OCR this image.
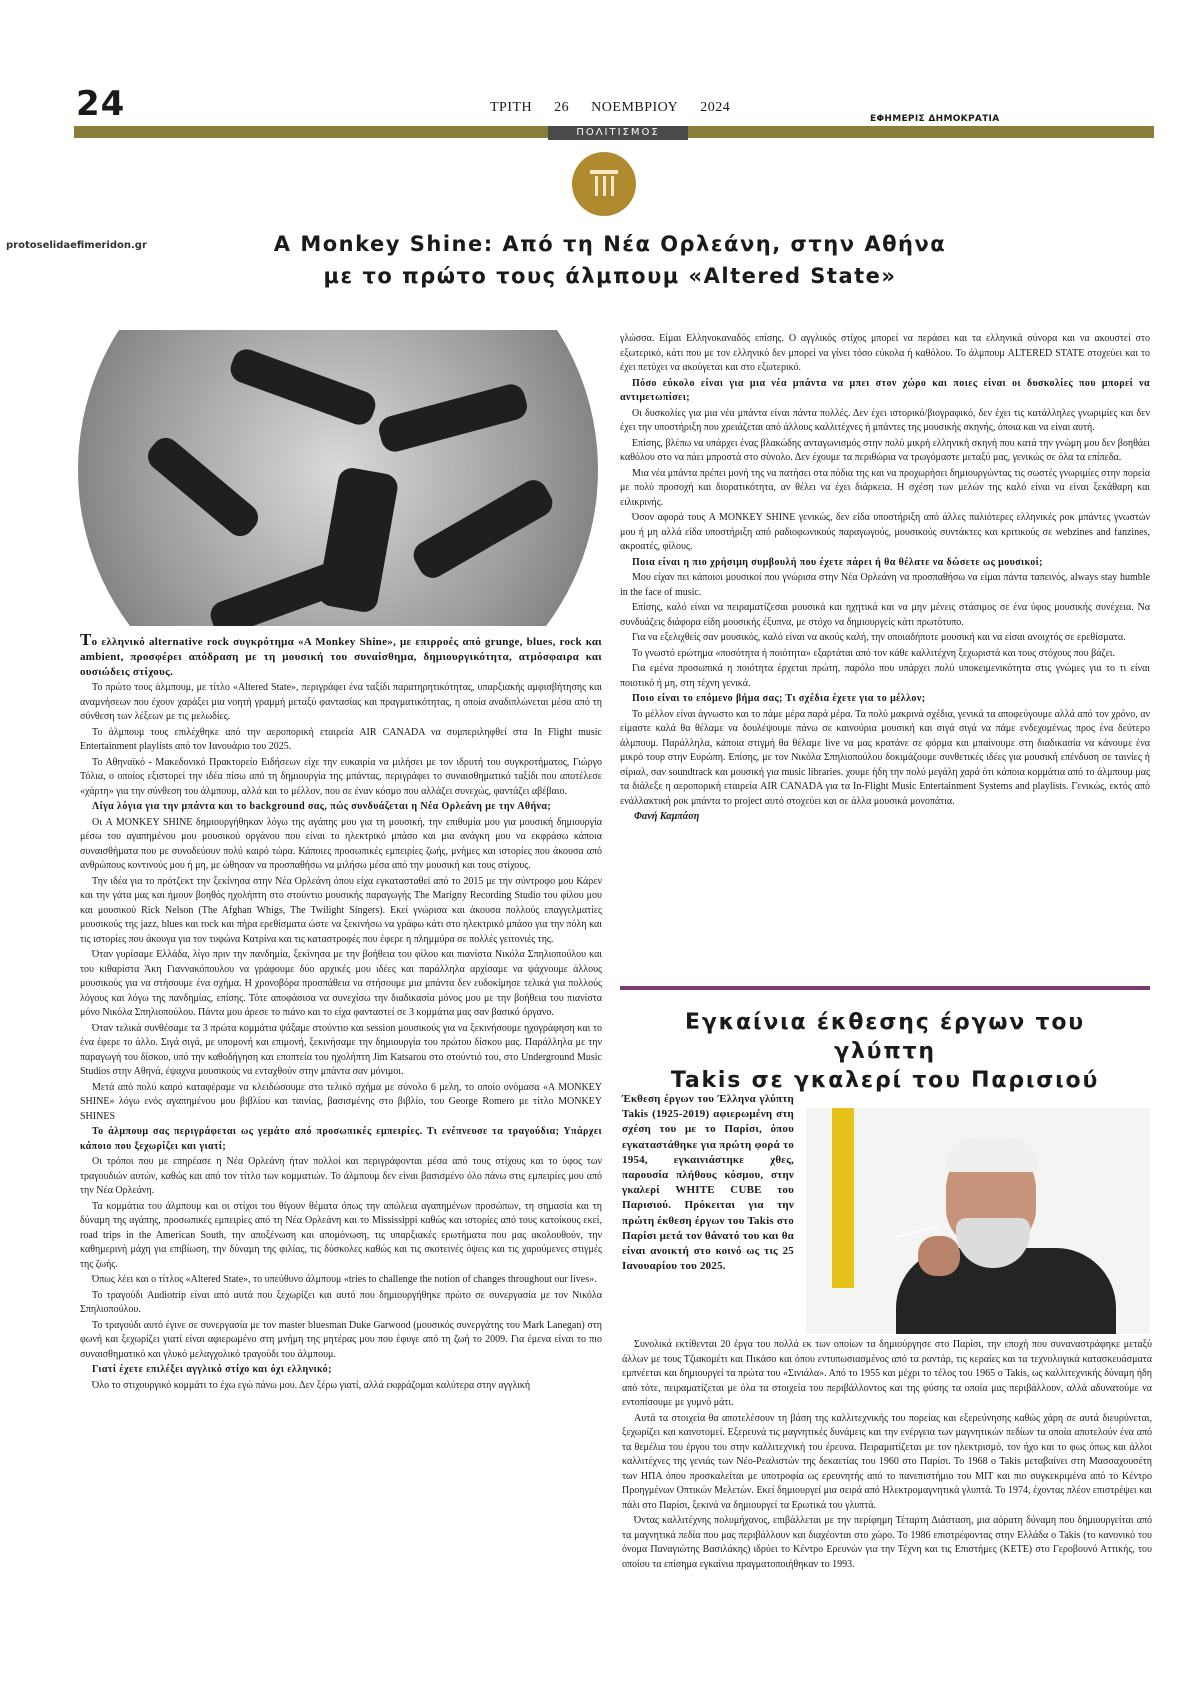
24	ΤΡΙΤΗ 26 ΝΟΕΜΒΡΙΟΥ 2024
ΕΦΗΜΕΡΙΣ ΔΗΜΟΚΡΑΤΙΑ
ΠΟΛΙΤΙΣΜΟΣ
protoselidaefimeridon.gr	A Monkey Shine: Από τη Νέα Ορλεάνη, στην Αθήνα
με το πρώτο τους άλμπουμ «Altered State»

Το ελληνικό alternative rock συγκρότημα «A Monkey Shine», με επιρροές από grunge, blues, rock και ambient, προσφέρει απόδραση με τη μουσική του συναίσθημα, δημιουργικότητα, ατμόσφαιρα και ουσιώδεις στίχους.

Το πρώτο τους άλμπουμ, με τίτλο «Altered State», περιγράφει ένα ταξίδι παρατηρητικότητας, υπαρξιακής αμφισβήτησης και αναμνήσεων που έχουν χαράξει μια νοητή γραμμή μεταξύ φαντασίας και πραγματικότητας, η οποία αναδιπλώνεται μέσα από τη σύνθεση των λέξεων με τις μελωδίες.

Το άλμπουμ τους επιλέχθηκε από την αεροπορική εταιρεία AIR CANADA να συμπεριληφθεί στα In Flight music Entertainment playlists από τον Ιανουάριο του 2025.

Το Αθηναϊκό - Μακεδονικό Πρακτορείο Ειδήσεων είχε την ευκαιρία να μιλήσει με τον ιδρυτή του συγκροτήματος, Γιώργο Τόλια, ο οποίος εξιστορεί την ιδέα πίσω από τη δημιουργία της μπάντας, περιγράφει το συναισθηματικό ταξίδι που αποτέλεσε «χάρτη» για την σύνθεση του άλμπουμ, αλλά και το μέλλον, που σε έναν κόσμο που αλλάζει συνεχώς, φαντάζει αβέβαιο.

Λίγα λόγια για την μπάντα και το background σας, πώς συνδυάζεται η Νέα Ορλεάνη με την Αθήνα;

Οι A MONKEY SHINE δημιουργήθηκαν λόγω της αγάπης μου για τη μουσική, την επιθυμία μου για μουσική δημιουργία μέσω του αγαπημένου μου μουσικού οργάνου που είναι το ηλεκτρικό μπάσο και μια ανάγκη μου να εκφράσω κάποια συναισθήματα που με συνοδεύουν πολύ καιρό τώρα. Κάποιες προσωπικές εμπειρίες ζωής, μνήμες και ιστορίες που άκουσα από ανθρώπους κοντινούς μου ή μη, με ώθησαν να προσπαθήσω να μιλήσω μέσα από την μουσική και τους στίχους.

Την ιδέα για το πρότζεκτ την ξεκίνησα στην Νέα Ορλεάνη όπου είχα εγκατασταθεί από το 2015 με την σύντροφο μου Κάρεν και την γάτα μας και ήμουν βοηθός ηχολήπτη στο στούντιο μουσικής παραγωγής The Marigny Recording Studio του φίλου μου και μουσικού Rick Nelson (The Afghan Whigs, The Twilight Singers). Εκεί γνώρισα και άκουσα πολλούς επαγγελματίες μουσικούς της jazz, blues και rock και πήρα ερεθίσματα ώστε να ξεκινήσω να γράφω κάτι στο ηλεκτρικό μπάσο για την πόλη και τις ιστορίες που άκουγα για τον τυφώνα Κατρίνα και τις καταστροφές που έφερε η πλημμύρα σε πολλές γειτονιές της.

Όταν γυρίσαμε Ελλάδα, λίγο πριν την πανδημία, ξεκίνησα με την βοήθεια του φίλου και πιανίστα Νικόλα Σπηλιοπούλου και του κιθαρίστα Άκη Γιαννακόπουλου να γράφουμε δύο αρχικές μου ιδέες και παράλληλα αρχίσαμε να ψάχνουμε άλλους μουσικούς για να στήσουμε ένα σχήμα. Η χρονοβόρα προσπάθεια να στήσουμε μια μπάντα δεν ευδοκίμησε τελικά για πολλούς λόγους και λόγω της πανδημίας, επίσης. Τότε αποφάσισα να συνεχίσω την διαδικασία μόνος μου με την βοήθεια του πιανίστα μόνο Νικόλα Σπηλιοπούλου. Πάντα μου άρεσε το πιάνο και το είχα φανταστεί σε 3 κομμάτια μας σαν βασικό όργανο.

Όταν τελικά συνθέσαμε τα 3 πρώτα κομμάτια ψάξαμε στούντιο και session μουσικούς για να ξεκινήσουμε ηχογράφηση και το ένα έφερε το άλλο. Σιγά σιγά, με υπομονή και επιμονή, ξεκινήσαμε την δημιουργία του πρώτου δίσκου μας. Παράλληλα με την παραγωγή του δίσκου, υπό την καθοδήγηση και εποπτεία του ηχολήπτη Jim Katsarou στο στούντιό του, στο Underground Music Studios στην Αθηνά, έψαχνα μουσικούς να ενταχθούν στην μπάντα σαν μόνιμοι.

Μετά από πολύ καιρό καταφέραμε να κλειδώσουμε στο τελικό σχήμα με σύνολο 6 μελη, το οποίο ονόμασα «A MONKEY SHINE» λόγω ενός αγαπημένου μου βιβλίου και ταινίας, βασισμένης στο βιβλίο, του George Romero με τίτλο MONKEY SHINES

Το άλμπουμ σας περιγράφεται ως γεμάτο από προσωπικές εμπειρίες. Τι ενέπνευσε τα τραγούδια; Υπάρχει κάποιο που ξεχωρίζει και γιατί;

Οι τρόποι που με επηρέασε η Νέα Ορλεάνη ήταν πολλοί και περιγράφονται μέσα από τους στίχους και το ύφος των τραγουδιών αυτών, καθώς και από τον τίτλο των κομματιών. Το άλμπουμ δεν είναι βασισμένο όλο πάνω στις εμπειρίες μου από την Νέα Ορλεάνη.

Τα κομμάτια του άλμπουμ και οι στίχοι του θίγουν θέματα όπως την απώλεια αγαπημένων προσώπων, τη σημασία και τη δύναμη της αγάπης, προσωπικές εμπειρίες από τη Νέα Ορλεάνη και το Mississippi καθώς και ιστορίες από τους κατοίκους εκεί, road trips in the American South, την αποξένωση και απομόνωση, τις υπαρξιακές ερωτήματα που μας ακολουθούν, την καθημερινή μάχη για επιβίωση, την δύναμη της φιλίας, τις δύσκολες καθώς και τις σκοτεινές όψεις και τις χαρούμενες στιγμές της ζωής.

Όπως λέει και ο τίτλος «Altered State», το υπεύθυνο άλμπουμ «tries to challenge the notion of changes throughout our lives».

Το τραγούδι Audiotrip είναι από αυτά που ξεχωρίζει και αυτό που δημιουργήθηκε πρώτο σε συνεργασία με τον Νικόλα Σπηλιοπούλου.

Το τραγούδι αυτό έγινε σε συνεργασία με τον master bluesman Duke Garwood (μουσικός συνεργάτης του Mark Lanegan) στη φωνή και ξεχωρίζει γιατί είναι αφιερωμένο στη μνήμη της μητέρας μου που έφυγε από τη ζωή το 2009. Για έμενα είναι το πιο συναισθηματικό και γλυκό μελαγχολικό τραγούδι του άλμπουμ.

Γιατί έχετε επιλέξει αγγλικό στίχο και όχι ελληνικό;

Όλο το στιχουργικό κομμάτι το έχω εγώ πάνω μου. Δεν ξέρω γιατί, αλλά εκφράζομαι καλύτερα στην αγγλική

γλώσσα. Είμαι Ελληνοκαναδός επίσης. Ο αγγλικός στίχος μπορεί να περάσει και τα ελληνικά σύνορα και να ακουστεί στο εξωτερικό, κάτι που με τον ελληνικό δεν μπορεί να γίνει τόσο εύκολα ή καθόλου. Το άλμπουμ ALTERED STATE στοχεύει και το έχει πετύχει να ακούγεται και στο εξωτερικό.

Πόσο εύκολο είναι για μια νέα μπάντα να μπει στον χώρο και ποιες είναι οι δυσκολίες που μπορεί να αντιμετωπίσει;

Οι δυσκολίες για μια νέα μπάντα είναι πάντα πολλές. Δεν έχει ιστορικό/βιογραφικό, δεν έχει τις κατάλληλες γνωριμίες και δεν έχει την υποστήριξη που χρειάζεται από άλλους καλλιτέχνες ή μπάντες της μουσικής σκηνής, όποια και να είναι αυτή.

Επίσης, βλέπω να υπάρχει ένας βλακώδης ανταγωνισμός στην πολύ μικρή ελληνική σκηνή που κατά την γνώμη μου δεν βοηθάει καθόλου στο να πάει μπροστά στο σύνολο. Δεν έχουμε τα περιθώρια να τρωγόμαστε μεταξύ μας, γενικώς σε όλα τα επίπεδα.

Μια νέα μπάντα πρέπει μονή της να πατήσει στα πόδια της και να προχωρήσει δημιουργώντας τις σωστές γνωριμίες στην πορεία με πολύ προσοχή και διορατικότητα, αν θέλει να έχει διάρκεια. Η σχέση των μελών της καλό είναι να είναι ξεκάθαρη και ειλικρινής.

Όσον αφορά τους A MONKEY SHINE γενικώς, δεν είδα υποστήριξη από άλλες παλιότερες ελληνικές ροκ μπάντες γνωστών μου ή μη αλλά είδα υποστήριξη από ραδιοφωνικούς παραγωγούς, μουσικούς συντάκτες και κριτικούς σε webzines and fanzines, ακροατές, φίλους.

Ποια είναι η πιο χρήσιμη συμβουλή που έχετε πάρει ή θα θέλατε να δώσετε ως μουσικοί;

Μου είχαν πει κάποιοι μουσικοί που γνώρισα στην Νέα Ορλεάνη να προσπαθήσω να είμαι πάντα ταπεινός, always stay humble in the face of music.

Επίσης, καλό είναι να πειραματίζεσαι μουσικά και ηχητικά και να μην μένεις στάσιμος σε ένα ύφος μουσικής συνέχεια. Να συνδυάζεις διάφορα είδη μουσικής έξυπνα, με στόχο να δημιουργείς κάτι πρωτότυπο.

Για να εξελιχθείς σαν μουσικός, καλό είναι να ακούς καλή, την οποιαδήποτε μουσική και να είσαι ανοιχτός σε ερεθίσματα.

Το γνωστό ερώτημα «ποσότητα ή ποιότητα» εξαρτάται από τον κάθε καλλιτέχνη ξεχωριστά και τους στόχους που βάζει.

Για εμένα προσωπικά η ποιότητα έρχεται πρώτη, παρόλο που υπάρχει πολύ υποκειμενικότητα στις γνώμες για το τι είναι ποιοτικό ή μη, στη τέχνη γενικά.

Ποιο είναι το επόμενο βήμα σας; Τι σχέδια έχετε για το μέλλον;

Το μέλλον είναι άγνωστο και το πάμε μέρα παρά μέρα. Τα πολύ μακρινά σχέδια, γενικά τα αποφεύγουμε αλλά από τον χρόνο, αν είμαστε καλά θα θέλαμε να δουλέψουμε πάνω σε καινούρια μουσική και σιγά σιγά να πάμε ενδεχομένως προς ένα δεύτερο άλμπουμ. Παράλληλα, κάποια στιγμή θα θέλαμε live να μας κρατάνε σε φόρμα και μπαίνουμε στη διαδικασία να κάνουμε ένα μικρό τουρ στην Ευρώπη. Επίσης, με τον Νικόλα Σπηλιοπούλου δοκιμάζουμε συνθετικές ιδέες για μουσική επένδυση σε ταινίες ή σίριαλ, σαν soundtrack και μουσική για music libraries. χουμε ήδη την πολύ μεγάλη χαρά ότι κάποια κομμάτια από το άλμπουμ μας τα διάλεξε η αεροπορική εταιρεία AIR CANADA για τα In-Flight Music Entertainment Systems and playlists. Γενικώς, εκτός από ενάλλακτική ροκ μπάντα το project αυτό στοχεύει και σε άλλα μουσικά μονοπάτια.

Φανή Καμπάση

Εγκαίνια έκθεσης έργων του γλύπτη
Takis σε γκαλερί του Παρισιού
Έκθεση έργων του Έλληνα γλύπτη Takis (1925-2019) αφιερωμένη στη σχέση του με το Παρίσι, όπου εγκαταστάθηκε για πρώτη φορά το 1954, εγκαινιάστηκε χθες, παρουσία πλήθους κόσμου, στην γκαλερί WHITE CUBE του Παρισιού. Πρόκειται για την πρώτη έκθεση έργων του Takis στο Παρίσι μετά τον θάνατό του και θα είναι ανοικτή στο κοινό ως τις 25 Ιανουαρίου του 2025.

Συνολικά εκτίθενται 20 έργα του πολλά εκ των οποίων τα δημιούργησε στο Παρίσι, την εποχή που συναναστράφηκε μεταξύ άλλων με τους Τζιακομέτι και Πικάσο και όπου εντυπωσιασμένος από τα ραντάρ, τις κεραίες και τα τεχνολογικά κατασκευάσματα εμπνέεται και δημιουργεί τα πρώτα του «Σινιάλα». Από το 1955 και μέχρι το τέλος του 1965 ο Takis, ως καλλιτεχνικής δύναμη ήδη από τότε, πειραματίζεται με όλα τα στοιχεία του περιβάλλοντος και της φύσης τα οποία μας περιβάλλουν, αλλά αδυνατούμε να εντοπίσουμε με γυμνό μάτι.

Αυτά τα στοιχεία θα αποτελέσουν τη βάση της καλλιτεχνικής του πορείας και εξερεύνησης καθώς χάρη σε αυτά διευρύνεται, ξεχωρίζει και καινοτομεί. Εξερευνά τις μαγνητικές δυνάμεις και την ενέργεια των μαγνητικών πεδίων τα οποία αποτελούν ένα από τα θεμέλια του έργου του στην καλλιτεχνική του έρευνα. Πειραματίζεται με τον ηλεκτρισμό, τον ήχο και το φως όπως και άλλοι καλλιτέχνες της γενιάς των Νέο-Ρεαλιστών της δεκαετίας του 1960 στο Παρίσι. Το 1968 ο Takis μεταβαίνει στη Μασσαχουσέτη των ΗΠΑ όπου προσκαλείται με υποτροφία ως ερευνητής από το πανεπιστήμιο του MIT και πιο συγκεκριμένα από το Κέντρο Προηγμένων Οπτικών Μελετών. Εκεί δημιουργεί μια σειρά από Ηλεκτρομαγνητικά γλυπτά. Το 1974, έχοντας πλέον επιστρέψει και πάλι στο Παρίσι, ξεκινά να δημιουργεί τα Ερωτικά του γλυπτά.

Όντας καλλιτέχνης πολυμήχανος, επιβάλλεται με την περίφημη Τέταρτη Διάσταση, μια αόρατη δύναμη που δημιουργείται από τα μαγνητικά πεδία που μας περιβάλλουν και διαχέονται στο χώρο. Το 1986 επιστρέφοντας στην Ελλάδα ο Takis (το κανονικό του όνομα Παναγιώτης Βασιλάκης) ιδρύει το Κέντρο Ερευνών για την Τέχνη και τις Επιστήμες (ΚΕΤΕ) στο Γεροβουνό Αττικής, του οποίου τα επίσημα εγκαίνια πραγματοποιήθηκαν το 1993.
